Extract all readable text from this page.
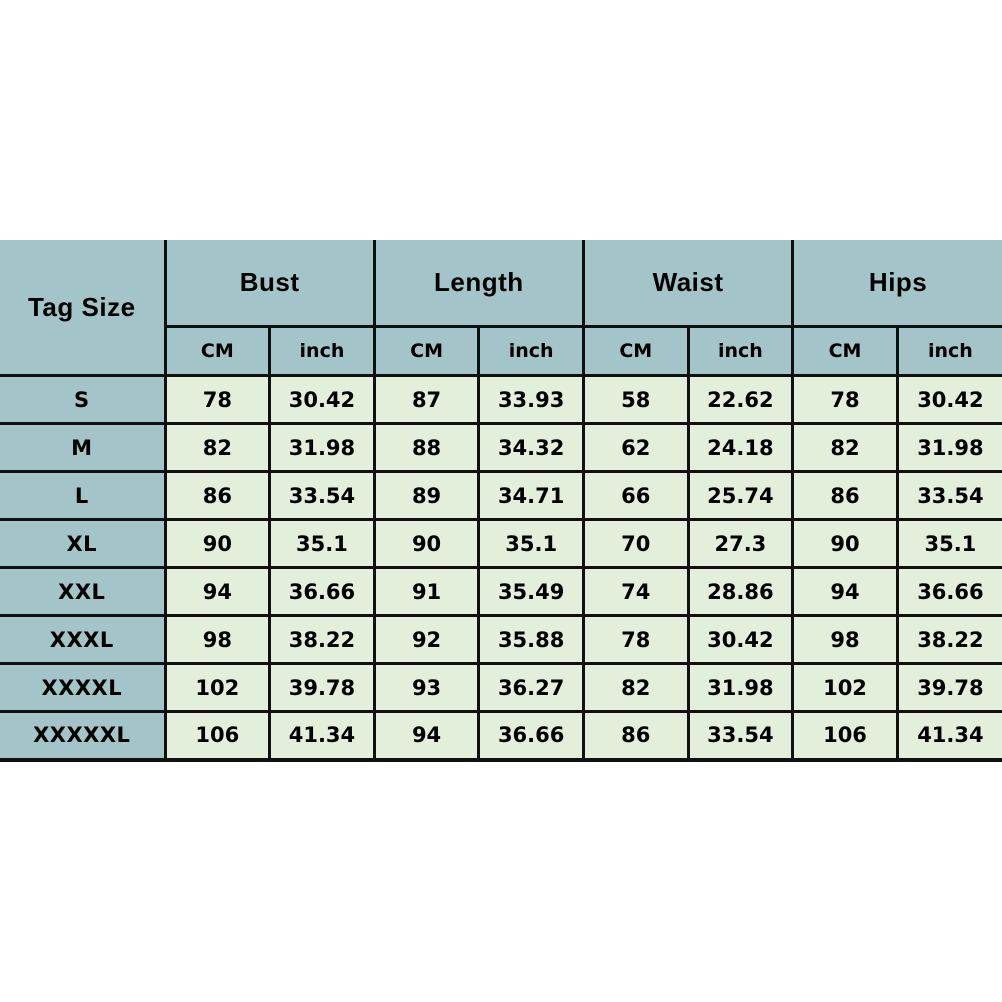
Tag Size	Bust		Length		Waist		Hips	
	CM	inch	CM	inch	CM	inch	CM	inch
S	78	30.42	87	33.93	58	22.62	78	30.42
M	82	31.98	88	34.32	62	24.18	82	31.98
L	86	33.54	89	34.71	66	25.74	86	33.54
XL	90	35.1	90	35.1	70	27.3	90	35.1
XXL	94	36.66	91	35.49	74	28.86	94	36.66
XXXL	98	38.22	92	35.88	78	30.42	98	38.22
XXXXL	102	39.78	93	36.27	82	31.98	102	39.78
XXXXXL	106	41.34	94	36.66	86	33.54	106	41.34
